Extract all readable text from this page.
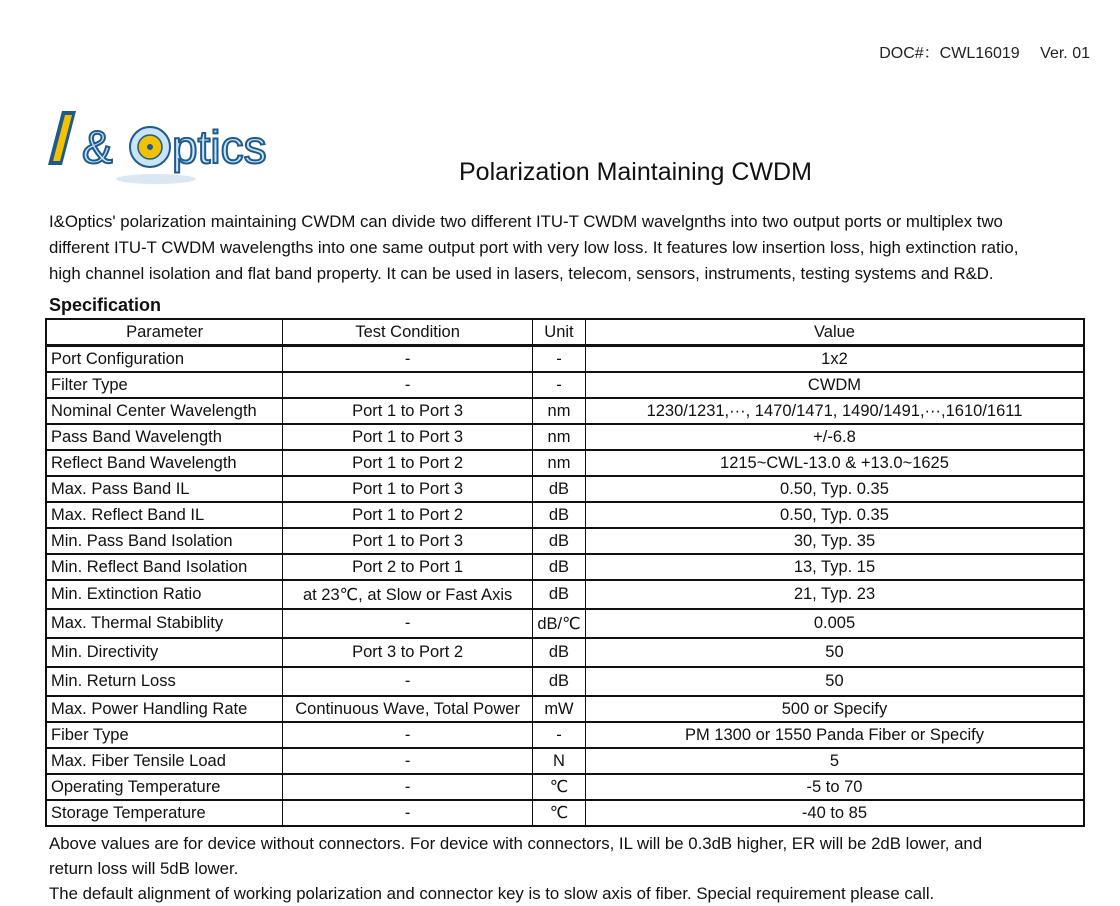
DOC#：CWL16019 Ver. 01
& ptics	Polarization Maintaining CWDM
I&Optics' polarization maintaining CWDM can divide two different ITU-T CWDM wavelgnths into two output ports or multiplex two
different ITU-T CWDM wavelengths into one same output port with very low loss. It features low insertion loss, high extinction ratio,
high channel isolation and flat band property. It can be used in lasers, telecom, sensors, instruments, testing systems and R&D.
Specification
Parameter	Test Condition	Unit	Value
Port Configuration	-	-	1x2
Filter Type	-	-	CWDM
Nominal Center Wavelength	Port 1 to Port 3	nm	1230/1231,···, 1470/1471, 1490/1491,···,1610/1611
Pass Band Wavelength	Port 1 to Port 3	nm	+/-6.8
Reflect Band Wavelength	Port 1 to Port 2	nm	1215~CWL-13.0 & +13.0~1625
Max. Pass Band IL	Port 1 to Port 3	dB	0.50, Typ. 0.35
Max. Reflect Band IL	Port 1 to Port 2	dB	0.50, Typ. 0.35
Min. Pass Band Isolation	Port 1 to Port 3	dB	30, Typ. 35
Min. Reflect Band Isolation	Port 2 to Port 1	dB	13, Typ. 15
Min. Extinction Ratio	at 23℃, at Slow or Fast Axis	dB	21, Typ. 23
Max. Thermal Stabiblity	-	dB/℃	0.005
Min. Directivity	Port 3 to Port 2	dB	50
Min. Return Loss	-	dB	50
Max. Power Handling Rate	Continuous Wave, Total Power	mW	500 or Specify
Fiber Type	-	-	PM 1300 or 1550 Panda Fiber or Specify
Max. Fiber Tensile Load	-	N	5
Operating Temperature	-	℃	-5 to 70
Storage Temperature	-	℃	-40 to 85

Above values are for device without connectors. For device with connectors, IL will be 0.3dB higher, ER will be 2dB lower, and

return loss will 5dB lower.

The default alignment of working polarization and connector key is to slow axis of fiber. Special requirement please call.
